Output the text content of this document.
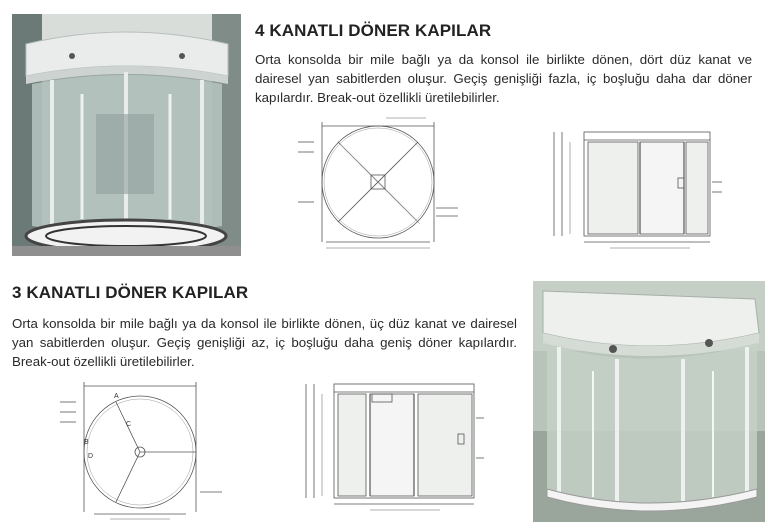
4 KANATLI DÖNER KAPILAR
Orta konsolda bir mile bağlı ya da konsol ile birlikte dönen, dört düz kanat ve dairesel yan sabitlerden oluşur. Geçiş genişliği fazla, iç boşluğu daha dar döner kapılardır. Break-out özellikli üretilebilirler.
3 KANATLI DÖNER KAPILAR
Orta konsolda bir mile bağlı ya da konsol ile birlikte dönen, üç düz kanat ve dairesel yan sabitlerden oluşur. Geçiş genişliği az, iç boşluğu daha geniş döner kapılardır. Break-out özellikli üretilebilirler.
A
B
C
D
